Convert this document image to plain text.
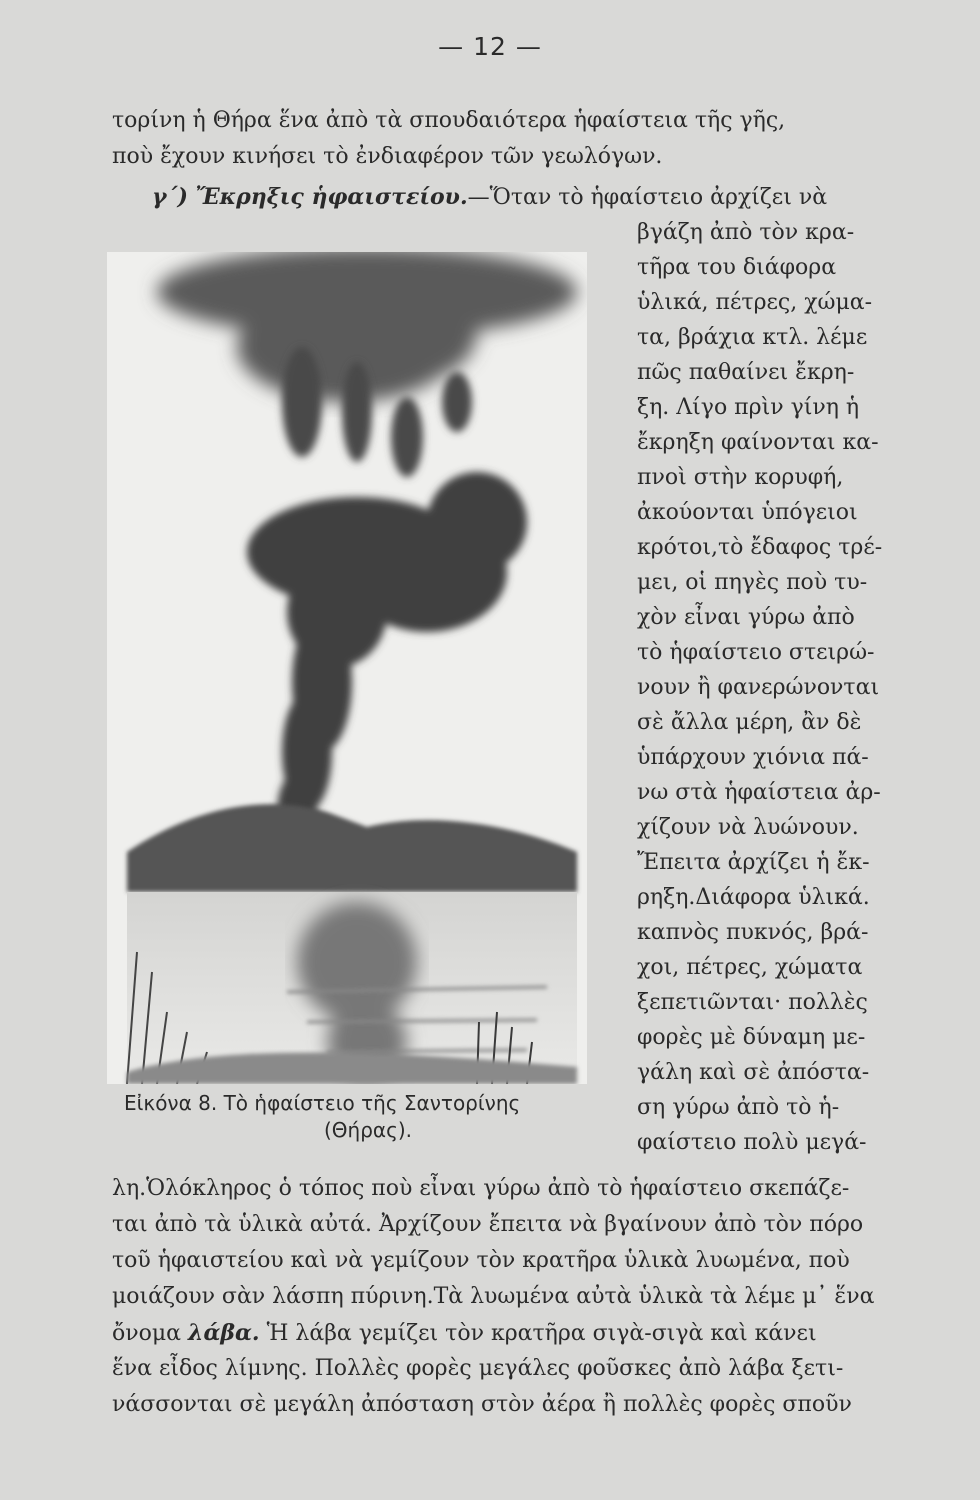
— 12 —
τορίνη ἡ Θήρα ἕνα ἀπὸ τὰ σπουδαιότερα ἡφαίστεια τῆς γῆς,
ποὺ ἔχουν κινήσει τὸ ἐνδιαφέρον τῶν γεωλόγων.
γ΄) Ἔκρηξις ἡφαιστείου.—Ὅταν τὸ ἡφαίστειο ἀρχίζει νὰ
βγάζη ἀπὸ τὸν κρα-
τῆρα του διάφορα
ὑλικά, πέτρες, χώμα-
τα, βράχια κτλ. λέμε
πῶς παθαίνει ἔκρη-
ξη. Λίγο πρὶν γίνη ἡ
ἔκρηξη φαίνονται κα-
πνοὶ στὴν κορυφή,
ἀκούονται ὑπόγειοι
κρότοι,τὸ ἔδαφος τρέ-
μει, οἱ πηγὲς ποὺ τυ-
χὸν εἶναι γύρω ἀπὸ
τὸ ἡφαίστειο στειρώ-
νουν ἢ φανερώνονται
σὲ ἄλλα μέρη, ἂν δὲ
ὑπάρχουν χιόνια πά-
νω στὰ ἡφαίστεια ἀρ-
χίζουν νὰ λυώνουν.
Ἔπειτα ἀρχίζει ἡ ἔκ-
ρηξη.Διάφορα ὑλικά.
καπνὸς πυκνός, βρά-
χοι, πέτρες, χώματα
ξεπετιῶνται· πολλὲς
φορὲς μὲ δύναμη με-
γάλη καὶ σὲ ἀπόστα-
ση γύρω ἀπὸ τὸ ἡ-
φαίστειο πολὺ μεγά-
Εἰκόνα 8. Τὸ ἡφαίστειο τῆς Σαντορίνης
(Θήρας).
λη.Ὁλόκληρος ὁ τόπος ποὺ εἶναι γύρω ἀπὸ τὸ ἡφαίστειο σκεπάζε-
ται ἀπὸ τὰ ὑλικὰ αὐτά. Ἀρχίζουν ἔπειτα νὰ βγαίνουν ἀπὸ τὸν πόρο
τοῦ ἡφαιστείου καὶ νὰ γεμίζουν τὸν κρατῆρα ὑλικὰ λυωμένα, ποὺ
μοιάζουν σὰν λάσπη πύρινη.Τὰ λυωμένα αὐτὰ ὑλικὰ τὰ λέμε μ᾽ ἕνα
ὄνομα λάβα. Ἡ λάβα γεμίζει τὸν κρατῆρα σιγὰ-σιγὰ καὶ κάνει
ἕνα εἶδος λίμνης. Πολλὲς φορὲς μεγάλες φοῦσκες ἀπὸ λάβα ξετι-
νάσσονται σὲ μεγάλη ἀπόσταση στὸν ἀέρα ἢ πολλὲς φορὲς σποῦν
